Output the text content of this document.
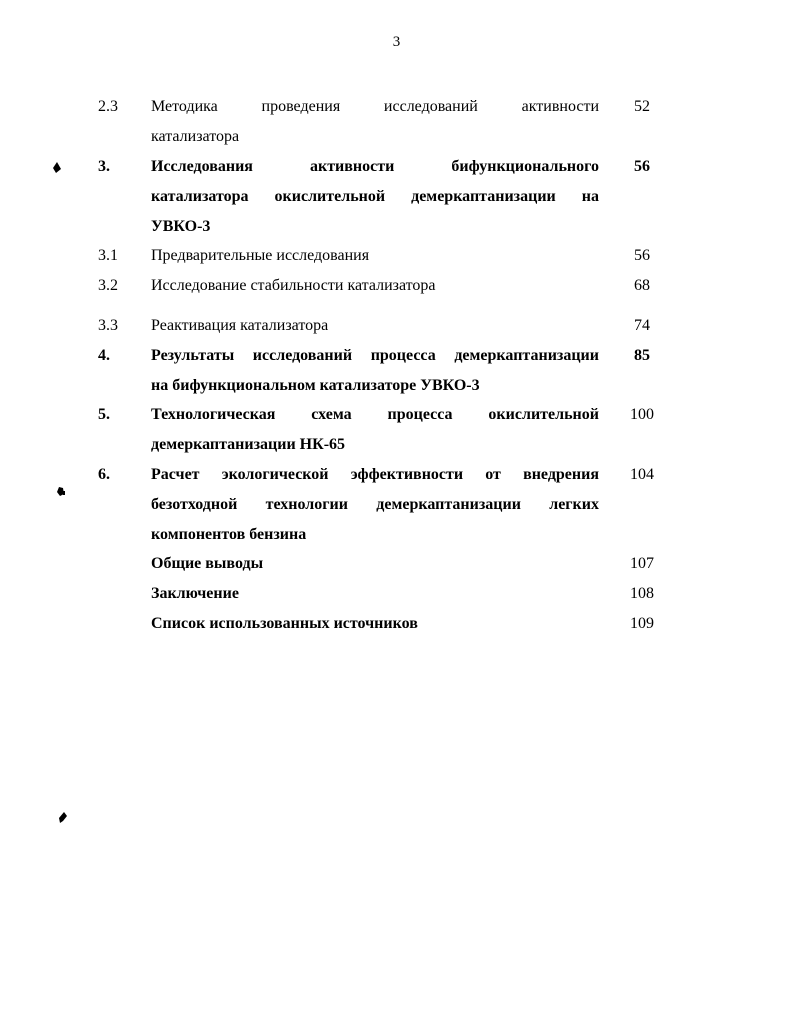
3
2.3 Методика проведения исследований активности
катализатора
52
3.	Исследования активности бифункционального
катализатора окислительной демеркаптанизации на
УВКО-3
56
3.1 Предварительные исследования	56
3.2 Исследование стабильности катализатора	68
3.3 Реактивация катализатора	74
4.	Результаты исследований процесса демеркаптанизации
на бифункциональном катализаторе УВКО-3
85
5.	Технологическая схема процесса окислительной
демеркаптанизации НК-65
100
6.	Расчет экологической эффективности от внедрения
безотходной технологии демеркаптанизации легких
компонентов бензина
104
Общие выводы	107
Заключение	108
Список использованных источников	109
